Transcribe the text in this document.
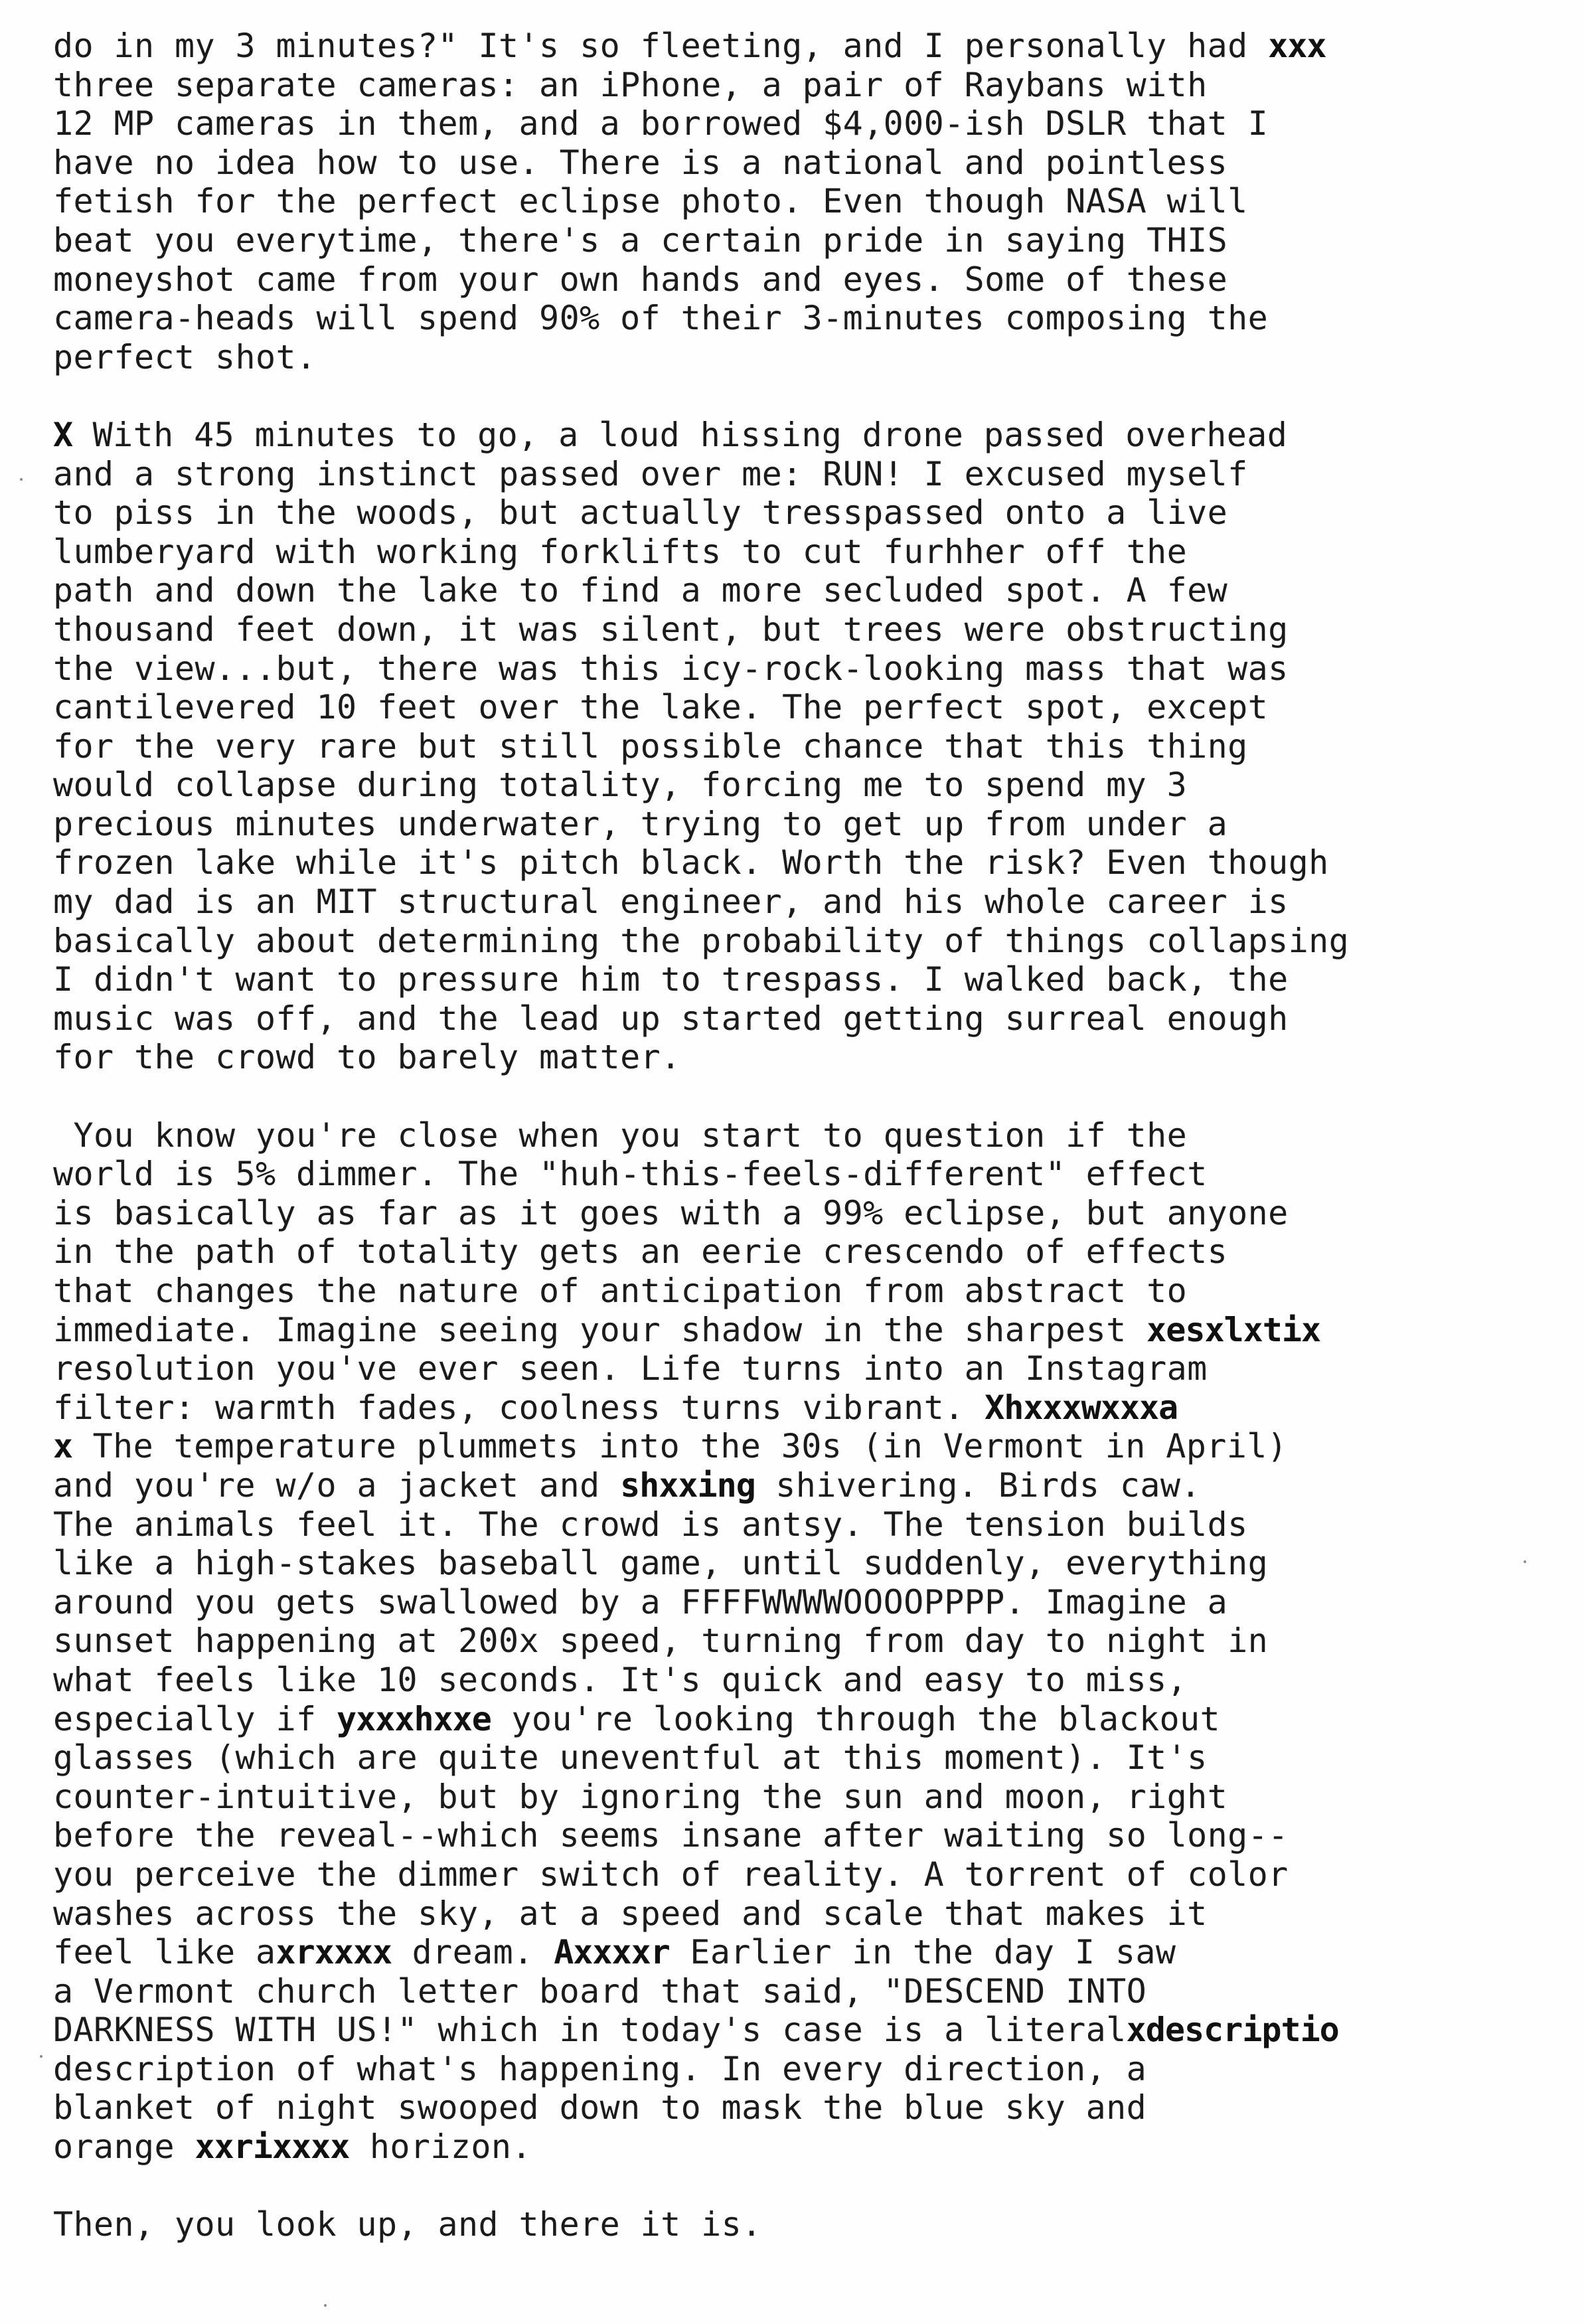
do in my 3 minutes?" It's so fleeting, and I personally had xxx
three separate cameras: an iPhone, a pair of Raybans with
12 MP cameras in them, and a borrowed $4,000-ish DSLR that I
have no idea how to use. There is a national and pointless
fetish for the perfect eclipse photo. Even though NASA will
beat you everytime, there's a certain pride in saying THIS
moneyshot came from your own hands and eyes. Some of these
camera-heads will spend 90% of their 3-minutes composing the
perfect shot.
X With 45 minutes to go, a loud hissing drone passed overhead
and a strong instinct passed over me: RUN! I excused myself
to piss in the woods, but actually tresspassed onto a live
lumberyard with working forklifts to cut furhher off the
path and down the lake to find a more secluded spot. A few
thousand feet down, it was silent, but trees were obstructing
the view...but, there was this icy-rock-looking mass that was
cantilevered 10 feet over the lake. The perfect spot, except
for the very rare but still possible chance that this thing
would collapse during totality, forcing me to spend my 3
precious minutes underwater, trying to get up from under a
frozen lake while it's pitch black. Worth the risk? Even though
my dad is an MIT structural engineer, and his whole career is
basically about determining the probability of things collapsing
I didn't want to pressure him to trespass. I walked back, the
music was off, and the lead up started getting surreal enough
for the crowd to barely matter.
You know you're close when you start to question if the
world is 5% dimmer. The "huh-this-feels-different" effect
is basically as far as it goes with a 99% eclipse, but anyone
in the path of totality gets an eerie crescendo of effects
that changes the nature of anticipation from abstract to
immediate. Imagine seeing your shadow in the sharpest xesxlxtix
resolution you've ever seen. Life turns into an Instagram
filter: warmth fades, coolness turns vibrant. Xhxxxwxxxa
x The temperature plummets into the 30s (in Vermont in April)
and you're w/o a jacket and shxxing shivering. Birds caw.
The animals feel it. The crowd is antsy. The tension builds
like a high-stakes baseball game, until suddenly, everything
around you gets swallowed by a FFFFWWWWOOOOPPPP. Imagine a
sunset happening at 200x speed, turning from day to night in
what feels like 10 seconds. It's quick and easy to miss,
especially if yxxxhxxe you're looking through the blackout
glasses (which are quite uneventful at this moment). It's
counter-intuitive, but by ignoring the sun and moon, right
before the reveal--which seems insane after waiting so long--
you perceive the dimmer switch of reality. A torrent of color
washes across the sky, at a speed and scale that makes it
feel like axrxxxx dream. Axxxxr Earlier in the day I saw
a Vermont church letter board that said, "DESCEND INTO
DARKNESS WITH US!" which in today's case is a literalxdescriptio
description of what's happening. In every direction, a
blanket of night swooped down to mask the blue sky and
orange xxrixxxx horizon.
Then, you look up, and there it is.
